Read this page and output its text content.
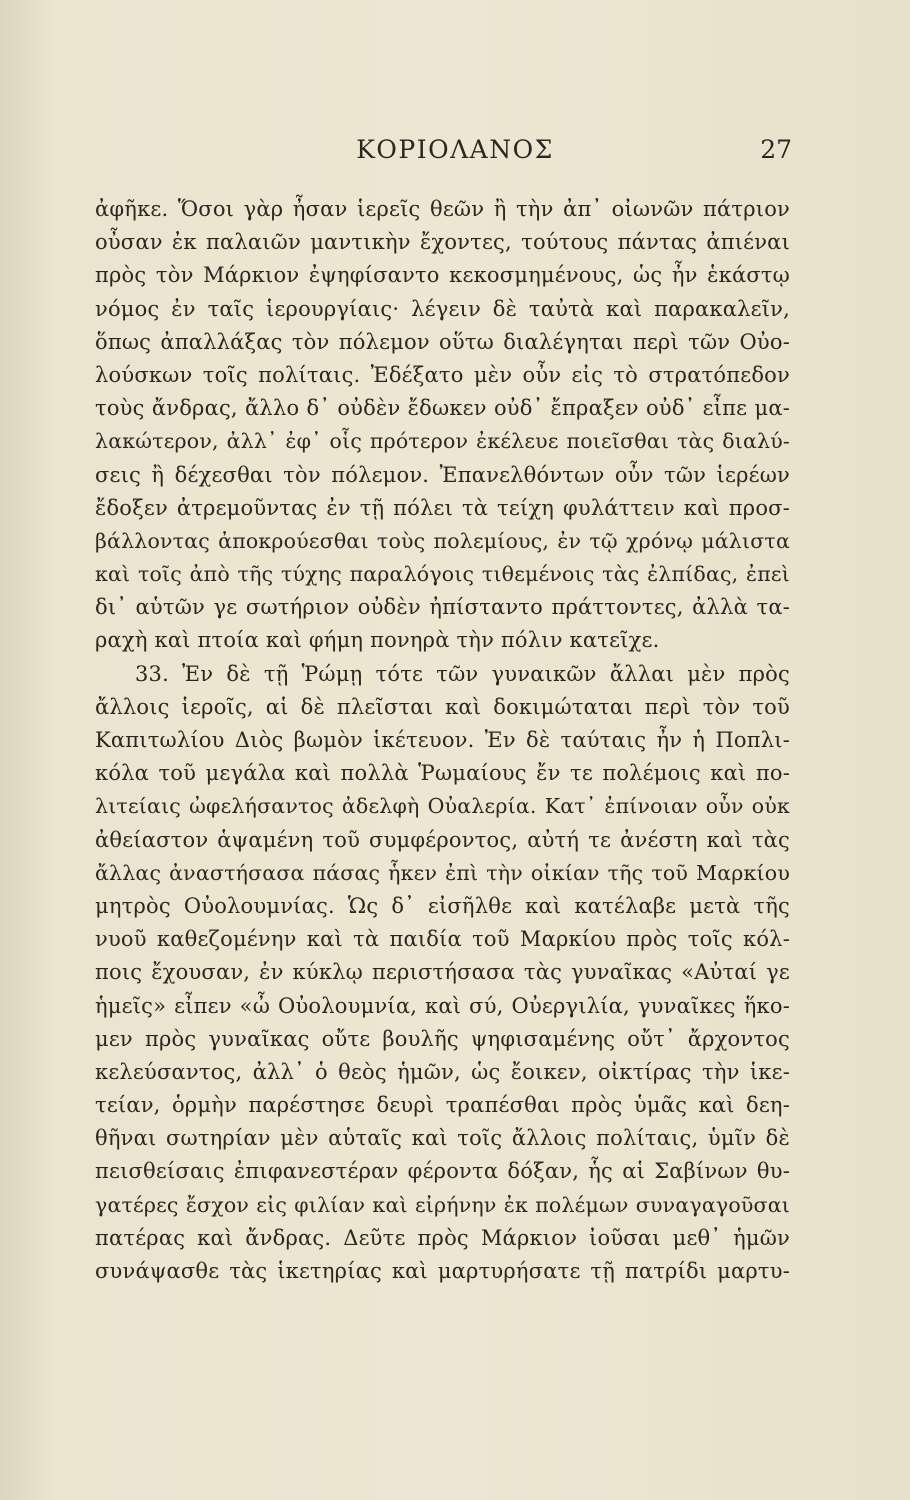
ΚΟΡΙΟΛΑΝΟΣ	27
ἀφῆκε. Ὅσοι γὰρ ἦσαν ἱερεῖς θεῶν ἢ τὴν ἀπ᾿ οἰωνῶν πάτριον
οὖσαν ἐκ παλαιῶν μαντικὴν ἔχοντες, τούτους πάντας ἀπιέναι
πρὸς τὸν Μάρκιον ἐψηφίσαντο κεκοσμημένους, ὡς ἦν ἑκάστῳ
νόμος ἐν ταῖς ἱερουργίαις· λέγειν δὲ ταὐτὰ καὶ παρακαλεῖν,
ὅπως ἀπαλλάξας τὸν πόλεμον οὕτω διαλέγηται περὶ τῶν Οὐο-
λούσκων τοῖς πολίταις. Ἐδέξατο μὲν οὖν εἰς τὸ στρατόπεδον
τοὺς ἄνδρας, ἄλλο δ᾿ οὐδὲν ἔδωκεν οὐδ᾿ ἔπραξεν οὐδ᾿ εἶπε μα-
λακώτερον, ἀλλ᾿ ἐφ᾿ οἷς πρότερον ἐκέλευε ποιεῖσθαι τὰς διαλύ-
σεις ἢ δέχεσθαι τὸν πόλεμον. Ἐπανελθόντων οὖν τῶν ἱερέων
ἔδοξεν ἀτρεμοῦντας ἐν τῇ πόλει τὰ τείχη φυλάττειν καὶ προσ-
βάλλοντας ἀποκρούεσθαι τοὺς πολεμίους, ἐν τῷ χρόνῳ μάλιστα
καὶ τοῖς ἀπὸ τῆς τύχης παραλόγοις τιθεμένοις τὰς ἐλπίδας, ἐπεὶ
δι᾿ αὑτῶν γε σωτήριον οὐδὲν ἠπίσταντο πράττοντες, ἀλλὰ τα-
ραχὴ καὶ πτοία καὶ φήμη πονηρὰ τὴν πόλιν κατεῖχε.
33. Ἐν δὲ τῇ Ῥώμῃ τότε τῶν γυναικῶν ἄλλαι μὲν πρὸς
ἄλλοις ἱεροῖς, αἱ δὲ πλεῖσται καὶ δοκιμώταται περὶ τὸν τοῦ
Καπιτωλίου Διὸς βωμὸν ἱκέτευον. Ἐν δὲ ταύταις ἦν ἡ Ποπλι-
κόλα τοῦ μεγάλα καὶ πολλὰ Ῥωμαίους ἔν τε πολέμοις καὶ πο-
λιτείαις ὠφελήσαντος ἀδελφὴ Οὐαλερία. Κατ᾿ ἐπίνοιαν οὖν οὐκ
ἀθείαστον ἁψαμένη τοῦ συμφέροντος, αὐτή τε ἀνέστη καὶ τὰς
ἄλλας ἀναστήσασα πάσας ἧκεν ἐπὶ τὴν οἰκίαν τῆς τοῦ Μαρκίου
μητρὸς Οὐολουμνίας. Ὡς δ᾿ εἰσῆλθε καὶ κατέλαβε μετὰ τῆς
νυοῦ καθεζομένην καὶ τὰ παιδία τοῦ Μαρκίου πρὸς τοῖς κόλ-
ποις ἔχουσαν, ἐν κύκλῳ περιστήσασα τὰς γυναῖκας «Αὐταί γε
ἡμεῖς» εἶπεν «ὦ Οὐολουμνία, καὶ σύ, Οὐεργιλία, γυναῖκες ἥκο-
μεν πρὸς γυναῖκας οὔτε βουλῆς ψηφισαμένης οὔτ᾿ ἄρχοντος
κελεύσαντος, ἀλλ᾿ ὁ θεὸς ἡμῶν, ὡς ἔοικεν, οἰκτίρας τὴν ἱκε-
τείαν, ὁρμὴν παρέστησε δευρὶ τραπέσθαι πρὸς ὑμᾶς καὶ δεη-
θῆναι σωτηρίαν μὲν αὑταῖς καὶ τοῖς ἄλλοις πολίταις, ὑμῖν δὲ
πεισθείσαις ἐπιφανεστέραν φέροντα δόξαν, ἧς αἱ Σαβίνων θυ-
γατέρες ἔσχον εἰς φιλίαν καὶ εἰρήνην ἐκ πολέμων συναγαγοῦσαι
πατέρας καὶ ἄνδρας. Δεῦτε πρὸς Μάρκιον ἰοῦσαι μεθ᾿ ἡμῶν
συνάψασθε τὰς ἱκετηρίας καὶ μαρτυρήσατε τῇ πατρίδι μαρτυ-
